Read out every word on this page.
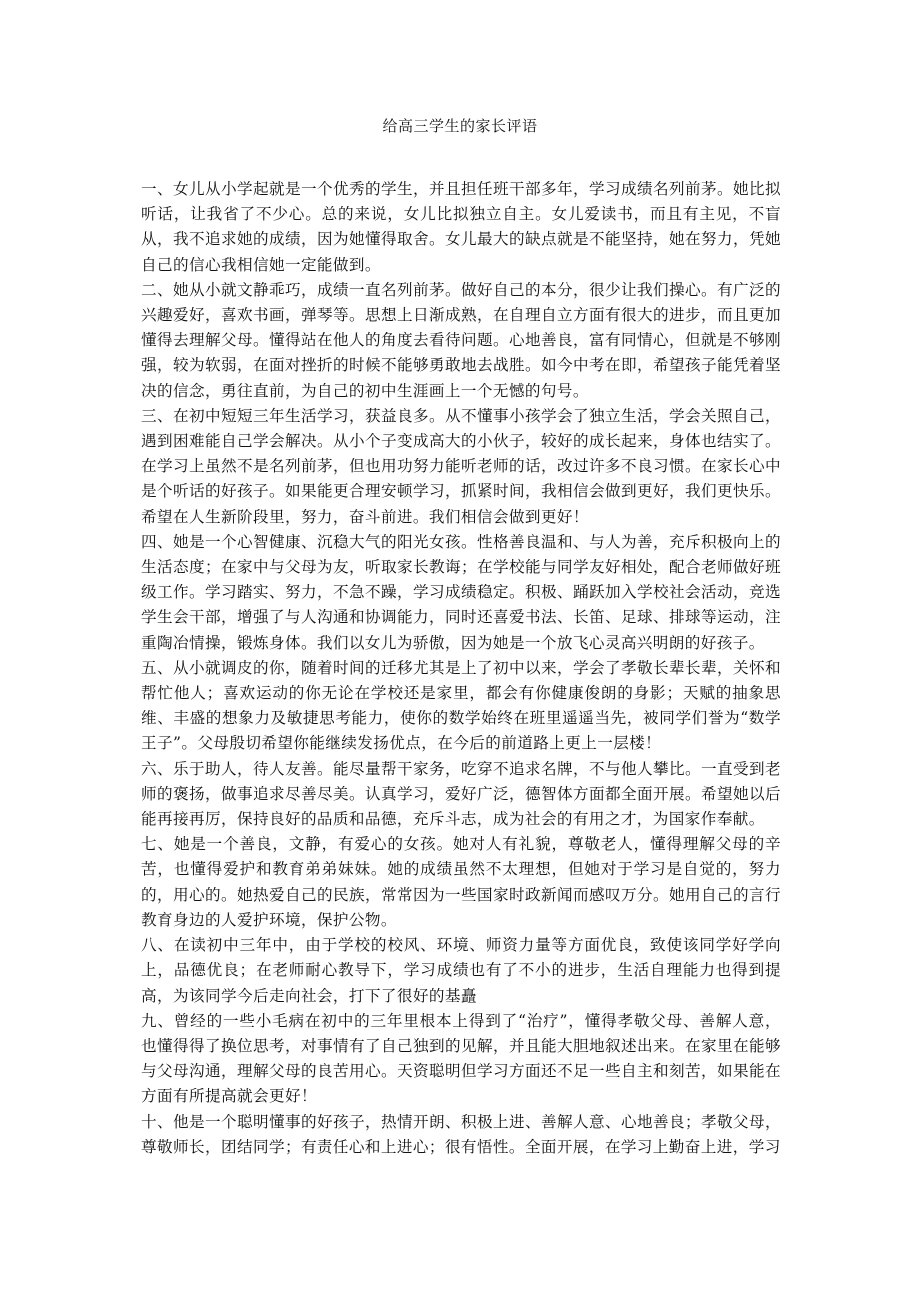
给高三学生的家长评语

一、女儿从小学起就是一个优秀的学生，并且担任班干部多年，学习成绩名列前茅。她比拟听话，让我省了不少心。总的来说，女儿比拟独立自主。女儿爱读书，而且有主见，不盲从，我不追求她的成绩，因为她懂得取舍。女儿最大的缺点就是不能坚持，她在努力，凭她自己的信心我相信她一定能做到。

二、她从小就文静乖巧，成绩一直名列前茅。做好自己的本分，很少让我们操心。有广泛的兴趣爱好，喜欢书画，弹琴等。思想上日渐成熟，在自理自立方面有很大的进步，而且更加懂得去理解父母。懂得站在他人的角度去看待问题。心地善良，富有同情心，但就是不够刚强，较为软弱，在面对挫折的时候不能够勇敢地去战胜。如今中考在即，希望孩子能凭着坚决的信念，勇往直前，为自己的初中生涯画上一个无憾的句号。

三、在初中短短三年生活学习，获益良多。从不懂事小孩学会了独立生活，学会关照自己，遇到困难能自己学会解决。从小个子变成高大的小伙子，较好的成长起来，身体也结实了。在学习上虽然不是名列前茅，但也用功努力能听老师的话，改过许多不良习惯。在家长心中是个听话的好孩子。如果能更合理安顿学习，抓紧时间，我相信会做到更好，我们更快乐。希望在人生新阶段里，努力，奋斗前进。我们相信会做到更好！

四、她是一个心智健康、沉稳大气的阳光女孩。性格善良温和、与人为善，充斥积极向上的生活态度；在家中与父母为友，听取家长教诲；在学校能与同学友好相处，配合老师做好班级工作。学习踏实、努力，不急不躁，学习成绩稳定。积极、踊跃加入学校社会活动，竞选学生会干部，增强了与人沟通和协调能力，同时还喜爱书法、长笛、足球、排球等运动，注重陶冶情操，锻炼身体。我们以女儿为骄傲，因为她是一个放飞心灵高兴明朗的好孩子。

五、从小就调皮的你，随着时间的迁移尤其是上了初中以来，学会了孝敬长辈长辈，关怀和帮忙他人；喜欢运动的你无论在学校还是家里，都会有你健康俊朗的身影；天赋的抽象思维、丰盛的想象力及敏捷思考能力，使你的数学始终在班里遥遥当先，被同学们誉为“数学王子”。父母殷切希望你能继续发扬优点，在今后的前道路上更上一层楼！

六、乐于助人，待人友善。能尽量帮干家务，吃穿不追求名牌，不与他人攀比。一直受到老师的褒扬，做事追求尽善尽美。认真学习，爱好广泛，德智体方面都全面开展。希望她以后能再接再厉，保持良好的品质和品德，充斥斗志，成为社会的有用之才，为国家作奉献。

七、她是一个善良，文静，有爱心的女孩。她对人有礼貌，尊敬老人，懂得理解父母的辛苦，也懂得爱护和教育弟弟妹妹。她的成绩虽然不太理想，但她对于学习是自觉的，努力的，用心的。她热爱自己的民族，常常因为一些国家时政新闻而感叹万分。她用自己的言行教育身边的人爱护环境，保护公物。

八、在读初中三年中，由于学校的校风、环境、师资力量等方面优良，致使该同学好学向上，品德优良；在老师耐心教导下，学习成绩也有了不小的进步，生活自理能力也得到提高，为该同学今后走向社会，打下了很好的基矗

九、曾经的一些小毛病在初中的三年里根本上得到了“治疗”，懂得孝敬父母、善解人意，也懂得得了换位思考，对事情有了自己独到的见解，并且能大胆地叙述出来。在家里在能够与父母沟通，理解父母的良苦用心。天资聪明但学习方面还不足一些自主和刻苦，如果能在方面有所提高就会更好！

十、他是一个聪明懂事的好孩子，热情开朗、积极上进、善解人意、心地善良；孝敬父母，尊敬师长，团结同学；有责任心和上进心；很有悟性。全面开展，在学习上勤奋上进，学习
